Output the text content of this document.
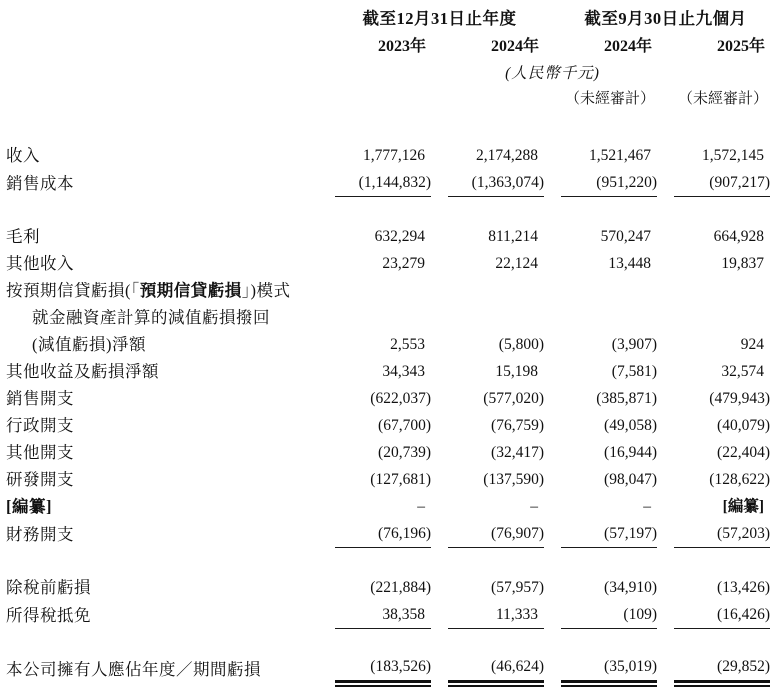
截至12月31日止年度	截至9月30日止九個月
2023年	2024年	2024年	2025年
(人民幣千元)
（未經審計） （未經審計）
收入	1,777,126	2,174,288	1,521,467	1,572,145
銷售成本	(1,144,832)	(1,363,074)	(951,220)	(907,217)
毛利	632,294	811,214	570,247	664,928
其他收入	23,279	22,124	13,448	19,837
按預期信貸虧損(「預期信貸虧損」)模式
就金融資產計算的減值虧損撥回
(減值虧損)淨額	2,553	(5,800)	(3,907)	924
其他收益及虧損淨額	34,343	15,198	(7,581)	32,574
銷售開支	(622,037)	(577,020)	(385,871)	(479,943)
行政開支	(67,700)	(76,759)	(49,058)	(40,079)
其他開支	(20,739)	(32,417)	(16,944)	(22,404)
研發開支	(127,681)	(137,590)	(98,047)	(128,622)
[編纂]	–	–	–	[編纂]
財務開支	(76,196)	(76,907)	(57,197)	(57,203)
除稅前虧損	(221,884)	(57,957)	(34,910)	(13,426)
所得稅抵免	38,358	11,333	(109)	(16,426)
本公司擁有人應佔年度／期間虧損	(183,526)	(46,624)	(35,019)	(29,852)
